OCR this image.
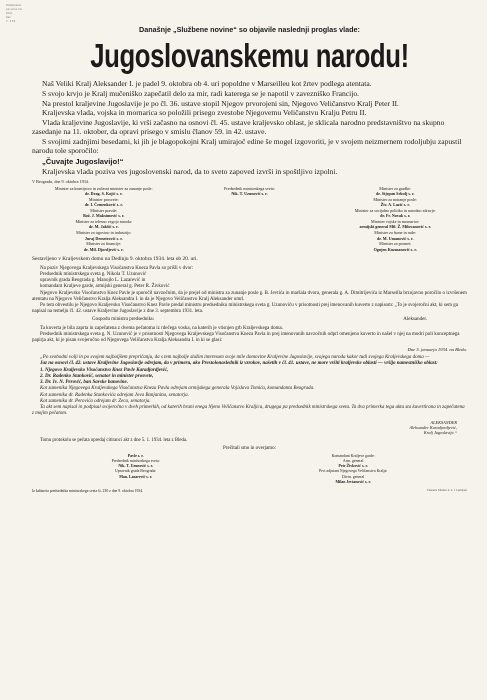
Podpisano
se vrne na
M.D.
ker
č. 174
Današnje „Službene novine“ so objavile naslednji proglas vlade:
Jugoslovanskemu narodu!

Naš Veliki Kralj Aleksander I. je padel 9. oktobra ob 4. uri popoldne v Marseilleu kot žrtev podlega atentata.

S svojo krvjo je Kralj mučeniško zapečatil delo za mir, radi katerega se je napotil v zavezniško Francijo.

Na prestol kraljevine Jugoslavije je po čl. 36. ustave stopil Njegov prvorojeni sin, Njegovo Veličanstvo Kralj Peter II.

Kraljevska vlada, vojska in mornarica so položili prisego zvestobe Njegovemu Veličanstvu Kralju Petru II.

Vlada kraljevine Jugoslavije, ki vrši začasno na osnovi čl. 45. ustave kraljevsko oblast, je sklicala narodno predstavništvo na skupno zasedanje na 11. oktober, da opravi prisego v smislu članov 59. in 42. ustave.

S svojimi zadnjimi besedami, ki jih je blagopokojni Kralj umirajoč edine še mogel izgovoriti, je v svojem neizmernem rodoljubju zapustil narodu tole sporočilo:

„Čuvajte Jugoslavijo!“

Kraljevska vlada poziva ves jugoslovenski narod, da to sveto zapoved izvrši in spoštljivo izpolni.

V Beogradu, dne 9. oktobra 1934.
Minister za kmetijstvo in začasni minister za zunanje posle:
dr. Drag. S. Kojić s. r.
Minister prosvete:
dr. I. Ćemenković s. r.
Minister pravde:
Bož. J. Maksimović s. r.
Minister za telesno vzgojo naroda:
dr. M. Jakšić s. r.
Minister za trgovino in industrijo:
Juraj Demetrović s. r.
Minister za financije:
dr. Mil. Djordjević s. r.
Predsednik ministrskega sveta:
Nik. T. Uzunović s. r.
Minister za gradbe:
dr. Stjepan Srkulj s. r.
Minister za notranje posle:
Živ. A. Lazić s. r.
Minister za socijalno politiko in narodno zdravje:
dr. Fr. Novak s. r.
Minister vojske in mornarice:
armijski general Mil. Ž. Milovanović s. r.
Minister za šume in rude:
dr. M. Umanović s. r.
Minister za promet:
Ognjen Kuzmanović s. r.
Sestavljeno v Kraljevskem domu na Dedinju 9. oktobra 1934. leta ob 20. uri.

Na poziv Njegovega Kraljevskega Visočanstva Kneza Pavla so prišli v dvor:

Predsednik ministrskega sveta g. Nikola T. Uzunović

upravnik grada Beograda g. Manojlo L. Lazarević in

komandant Kraljeve garde, armijski general g. Peter R. Živković

Njegovo Kraljevsko Visočanstvo Knez Pavle je sporočil navzočnim, da je prejel od ministra za zunanje posle g. B. Jevtića in maršala dvora, generala g. A. Dimitrijevića iz Marseilla brzojavno poročilo o izvršenem atentatu na Njegovo Veličanstvo Kralja Aleksandra I. in da je Njegovo Veličanstvo Kralj Aleksander umrl.

Po tem obvestilu je Njegovo Kraljevsko Visočanstvo Knez Pavle predal ministru predsedniku ministrskega sveta g. Uzunoviću v prisotnosti prej imenovanih kuverto z napisom: „To je svojeročni akt, ki sem ga napisal na temelju čl. 42. ustave Kraljevine Jugoslavije z dne 3. septembra 1931. leta.

Gospodu ministru predsedniku	Aleksander.

Ta kuverta je bila zaprta in zapečatena z dvema pečatoma iz rdečega voska, na katerih je vtisnjen grb Kraljevskega doma.

Predsednik ministrskega sveta g. N. Uzunović je v prisotnosti Njegovega Kraljevskega Visočanstva Kneza Pavla in prej imenovanih navzočnih odprl omenjeno kuverto in našel v njej na modri poli konceptnega papirja akt, ki je pisan svojeročno od Njegovega Veličanstva Kralja Aleksandra I. in ki se glasi:

Dne 5. januarja 1934. na Bledu.

„Po svobodni volji in po svojem najboljšem prepričanju, da s tem najbolje služim interesom svoje mile domovine Kraljevine Jugoslavije, svojega naroda kakor tudi svojega Kraljevskega doma —

Jaz na osnovi čl. 42. ustave Kraljevine Jugoslavije odrejam, da v primeru, ako Prestolonaslednik iz vzrokov, našetih v čl. 41. ustave, ne more vršiti kraljevske oblasti — vršijo namestniško oblast:

1. Njegovo Kraljevsko Visočanstvo Knez Pavle Karadjordjević,

2. Dr. Radenko Stanković, senator in minister prosvete,

3. Dr. Iv. N. Perović, ban Savske banovine.

Kot zamenika Njegovega Kraljevskega Visočanstva Kneza Pavla odrejam armijskega generala Vojislava Tomića, komandanta Beograda.

Kot zamenika dr. Radenka Stankovića odrejam Jova Banjanina, senatorja.

Kot zamenika dr. Perovića odrejam dr. Zeca, senatorja.

Ta akt sem napisal in podpisal svojeročno v dveh primerkih, od katerih hrani enega Njeno Veličanstvo Kraljica, drugega pa predsednik ministrskega sveta. Ta dva primerka tega akta sta kuvertirana in zapečatena z mojim pečatom.

ALEKSANDER
Aleksander Karadjordjević,
Kralj Jugoslavije.“
Tomu protokolu se pečata opredaj citiranci akt z dne 5. 1. 1934. leta z Bleda.
Prečitali smo in overjamo:
Pavle s. r.
Predsednik ministrskega sveta:
Nik. T. Uzunović s. r.
Upravnik grada Beograda:
Man. Lazarević s. r.
Komandant Kraljeve garde:
Arm. general
Petr Živković s. r.
Prvi adjutant Njegovega Veličanstva Kralja:
Divin. general
Milan Jevtanović s. r.
Iz kabineta predsednika ministrskega sveta št. 230 z dne 9. oktobra 1934.	Tiskarna Merkur d. d. v Ljubljani
